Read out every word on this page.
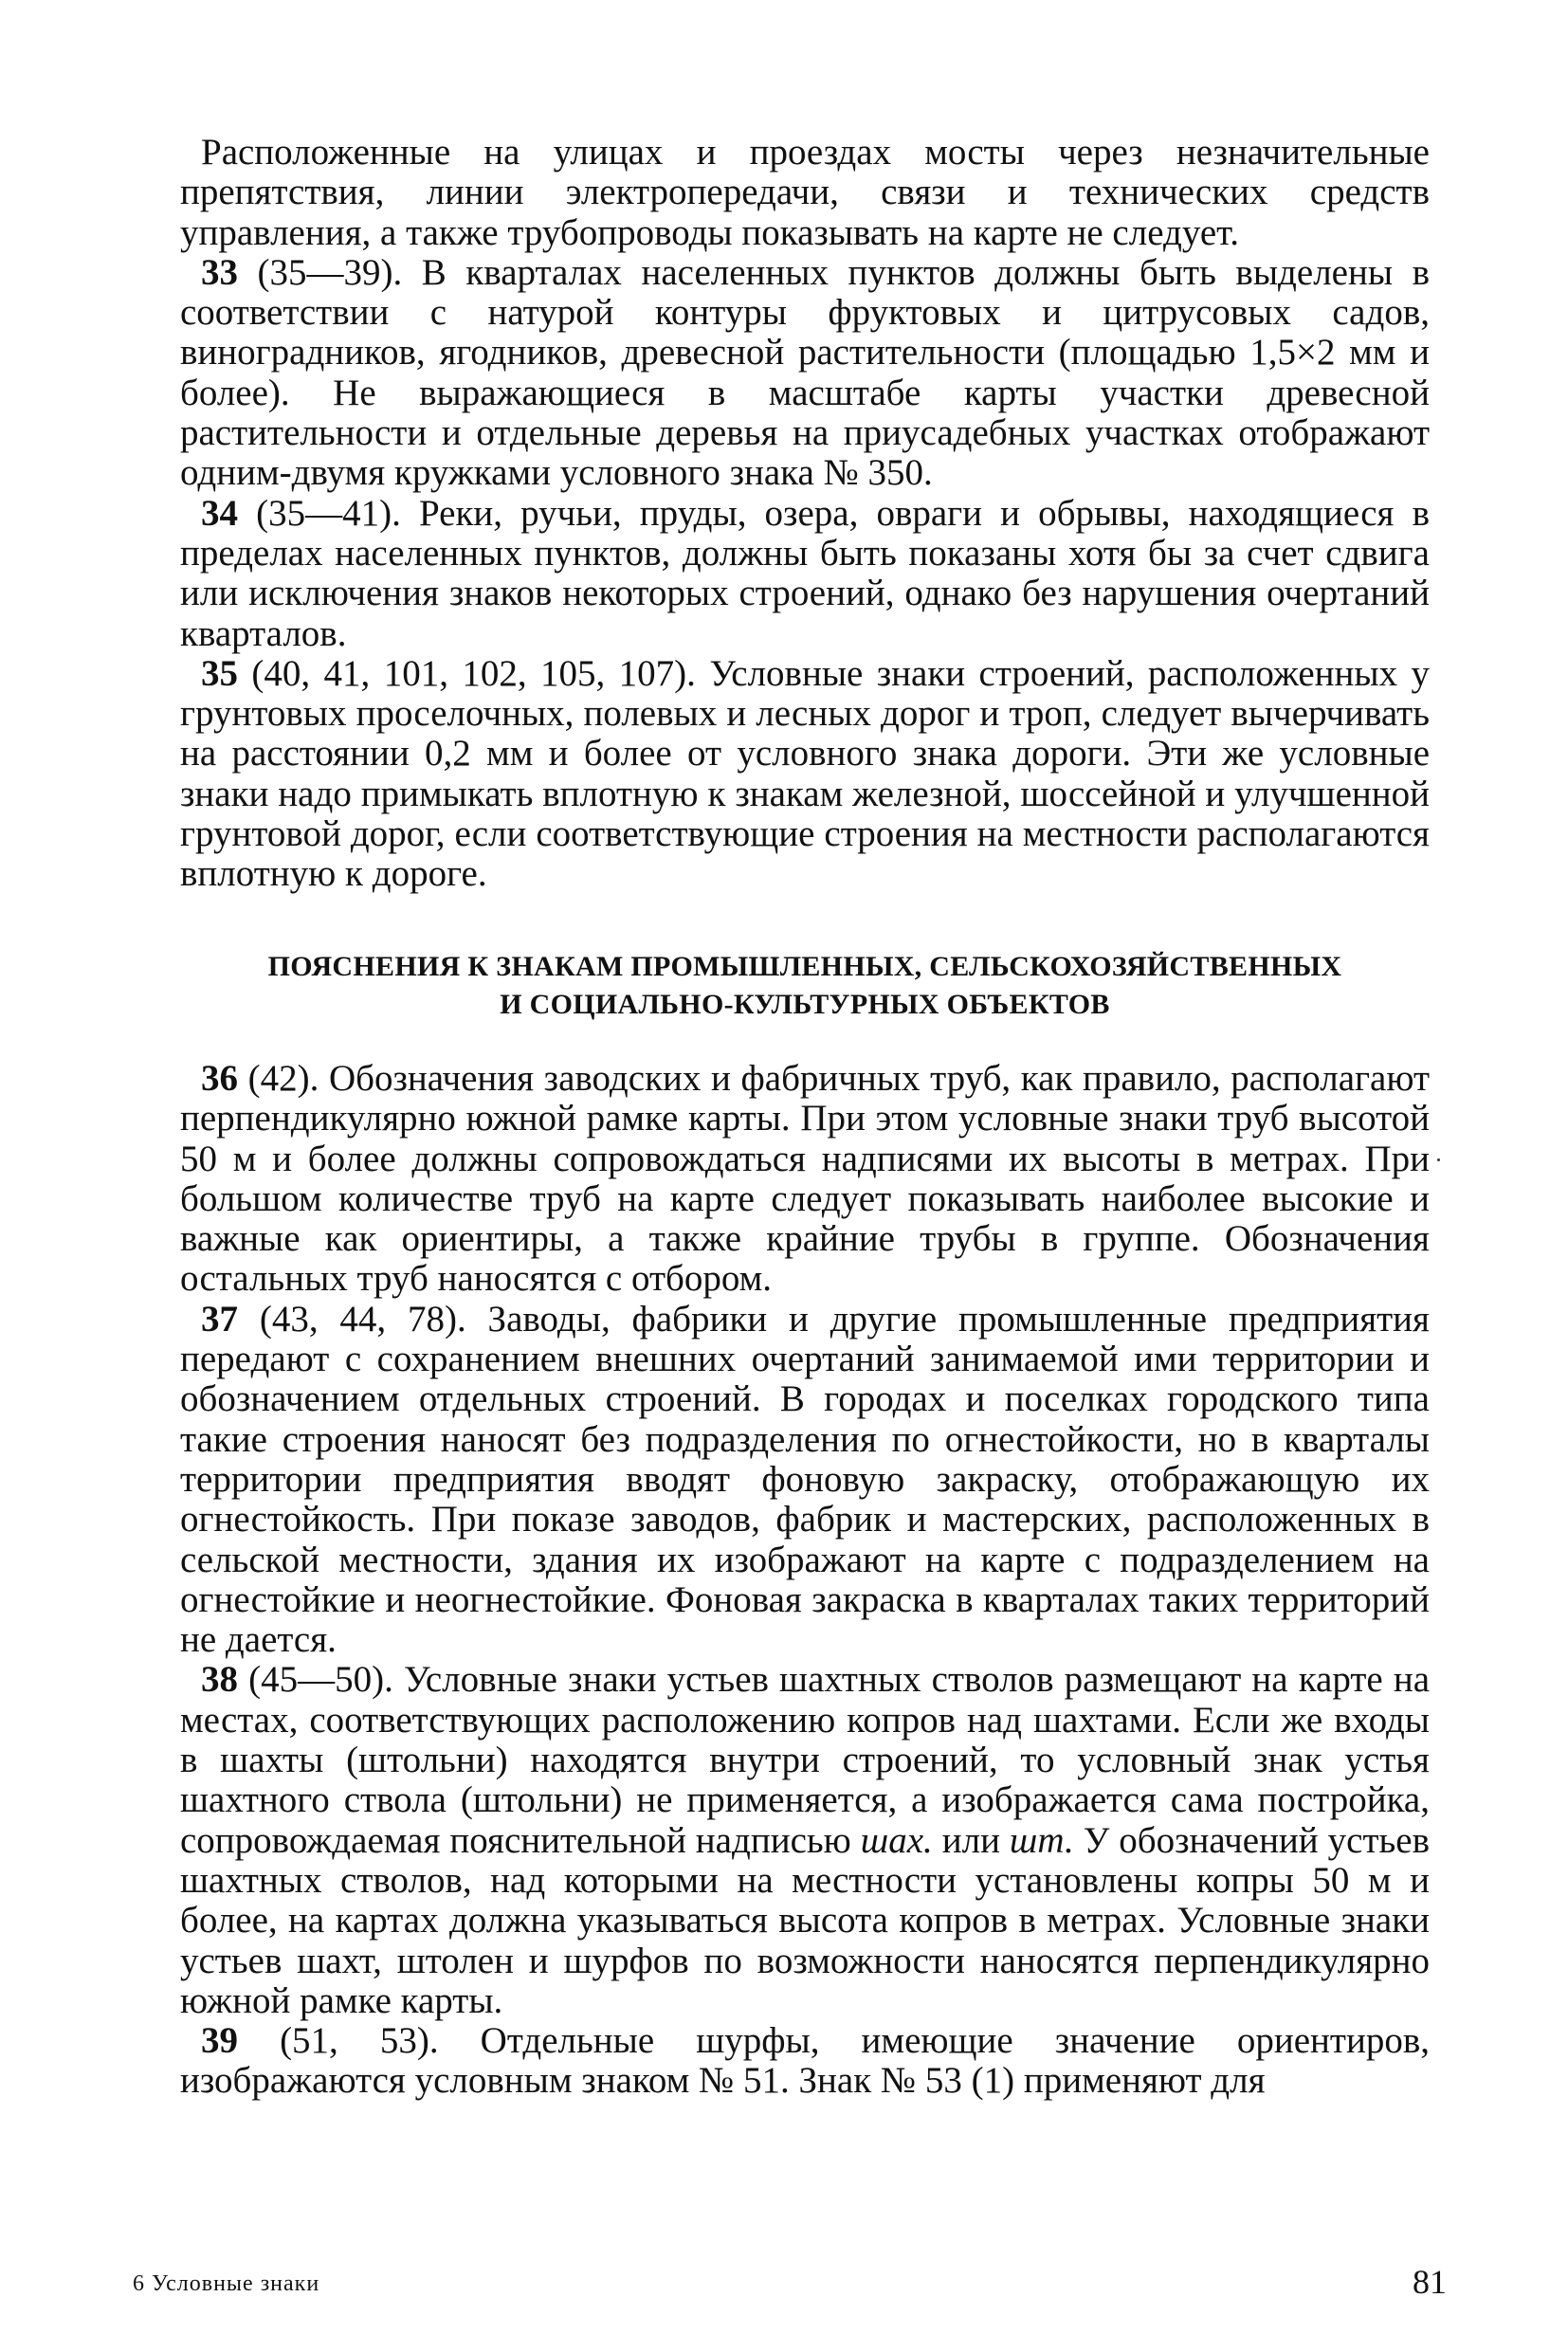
Расположенные на улицах и проездах мосты через незначительные препятствия, линии электропередачи, связи и технических средств управления, а также трубопроводы показывать на карте не следует.

33 (35—39). В кварталах населенных пунктов должны быть выделены в соответствии с натурой контуры фруктовых и цитрусовых садов, виноградников, ягодников, древесной растительности (площадью 1,5×2 мм и более). Не выражающиеся в масштабе карты участки древесной растительности и отдельные деревья на приусадебных участках отображают одним-двумя кружками условного знака № 350.

34 (35—41). Реки, ручьи, пруды, озера, овраги и обрывы, находящиеся в пределах населенных пунктов, должны быть показаны хотя бы за счет сдвига или исключения знаков некоторых строений, однако без нарушения очертаний кварталов.

35 (40, 41, 101, 102, 105, 107). Условные знаки строений, расположенных у грунтовых проселочных, полевых и лесных дорог и троп, следует вычерчивать на расстоянии 0,2 мм и более от условного знака дороги. Эти же условные знаки надо примыкать вплотную к знакам железной, шоссейной и улучшенной грунтовой дорог, если соответствующие строения на местности располагаются вплотную к дороге.

ПОЯСНЕНИЯ К ЗНАКАМ ПРОМЫШЛЕННЫХ, СЕЛЬСКОХОЗЯЙСТВЕННЫХ
И СОЦИАЛЬНО-КУЛЬТУРНЫХ ОБЪЕКТОВ

36 (42). Обозначения заводских и фабричных труб, как правило, располагают перпендикулярно южной рамке карты. При этом условные знаки труб высотой 50 м и более должны сопровождаться надписями их высоты в метрах. При большом количестве труб на карте следует показывать наиболее высокие и важные как ориентиры, а также крайние трубы в группе. Обозначения остальных труб наносятся с отбором.

37 (43, 44, 78). Заводы, фабрики и другие промышленные предприятия передают с сохранением внешних очертаний занимаемой ими территории и обозначением отдельных строений. В городах и поселках городского типа такие строения наносят без подразделения по огнестойкости, но в кварталы территории предприятия вводят фоновую закраску, отображающую их огнестойкость. При показе заводов, фабрик и мастерских, расположенных в сельской местности, здания их изображают на карте с подразделением на огнестойкие и неогнестойкие. Фоновая закраска в кварталах таких территорий не дается.

38 (45—50). Условные знаки устьев шахтных стволов размещают на карте на местах, соответствующих расположению копров над шахтами. Если же входы в шахты (штольни) находятся внутри строений, то условный знак устья шахтного ствола (штольни) не применяется, а изображается сама постройка, сопровождаемая пояснительной надписью шах. или шт. У обозначений устьев шахтных стволов, над которыми на местности установлены копры 50 м и более, на картах должна указываться высота копров в метрах. Условные знаки устьев шахт, штолен и шурфов по возможности наносятся перпендикулярно южной рамке карты.

39 (51, 53). Отдельные шурфы, имеющие значение ориентиров, изображаются условным знаком № 51. Знак № 53 (1) применяют для

6 Условные знаки	81
